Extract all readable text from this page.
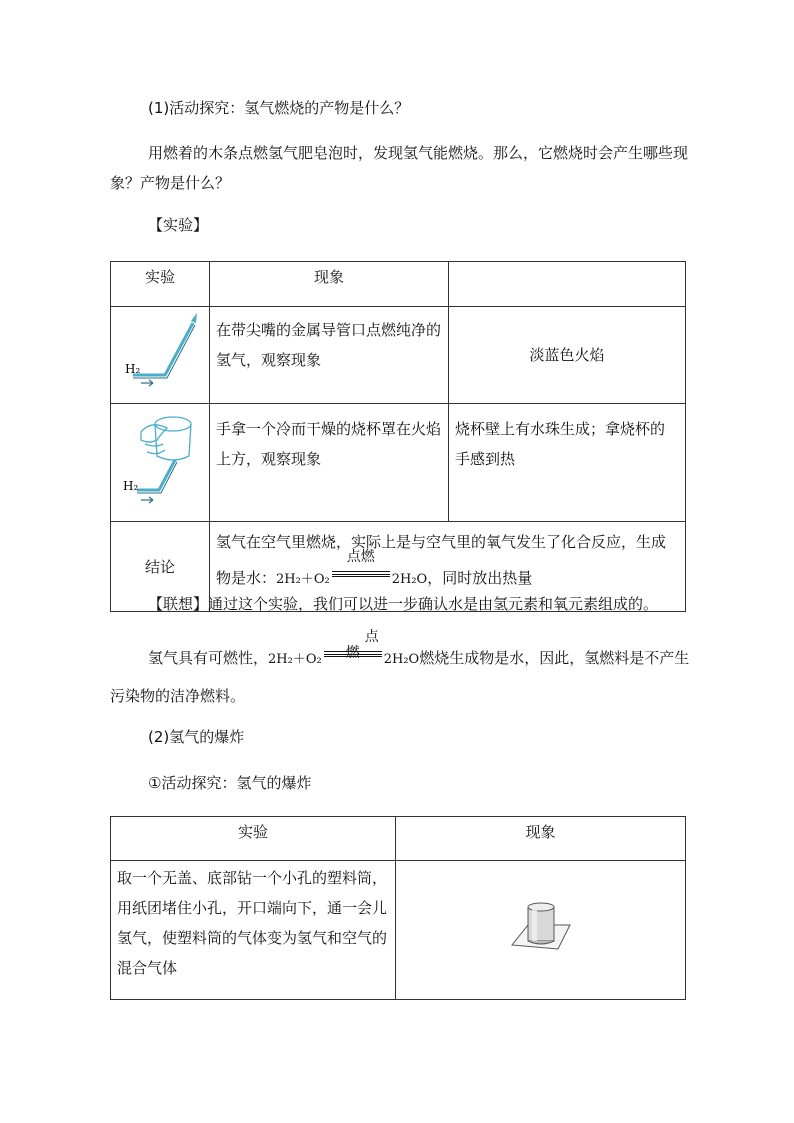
(1)活动探究：氢气燃烧的产物是什么？
用燃着的木条点燃氢气肥皂泡时，发现氢气能燃烧。那么，它燃烧时会产生哪些现象？产物是什么？
【实验】
实验	现象	

H₂	在带尖嘴的金属导管口点燃纯净的氢气，观察现象	淡蓝色火焰

H₂	手拿一个冷而干燥的烧杯罩在火焰上方，观察现象	烧杯壁上有水珠生成；拿烧杯的手感到热
结论	氢气在空气里燃烧，实际上是与空气里的氧气发生了化合反应，生成物是水：2H₂＋O₂
点燃
2H₂O，同时放出热量	
【联想】通过这个实验，我们可以进一步确认水是由氢元素和氧元素组成的。
氢气具有可燃性，2H₂＋O₂
点燃	2H₂O燃烧生成物是水，因此，氢燃料是不产生污染物的洁净燃料。
(2)氢气的爆炸
①活动探究：氢气的爆炸
实验	现象
取一个无盖、底部钻一个小孔的塑料筒，用纸团堵住小孔，开口端向下，通一会儿氢气，使塑料筒的气体变为氢气和空气的混合气体	
